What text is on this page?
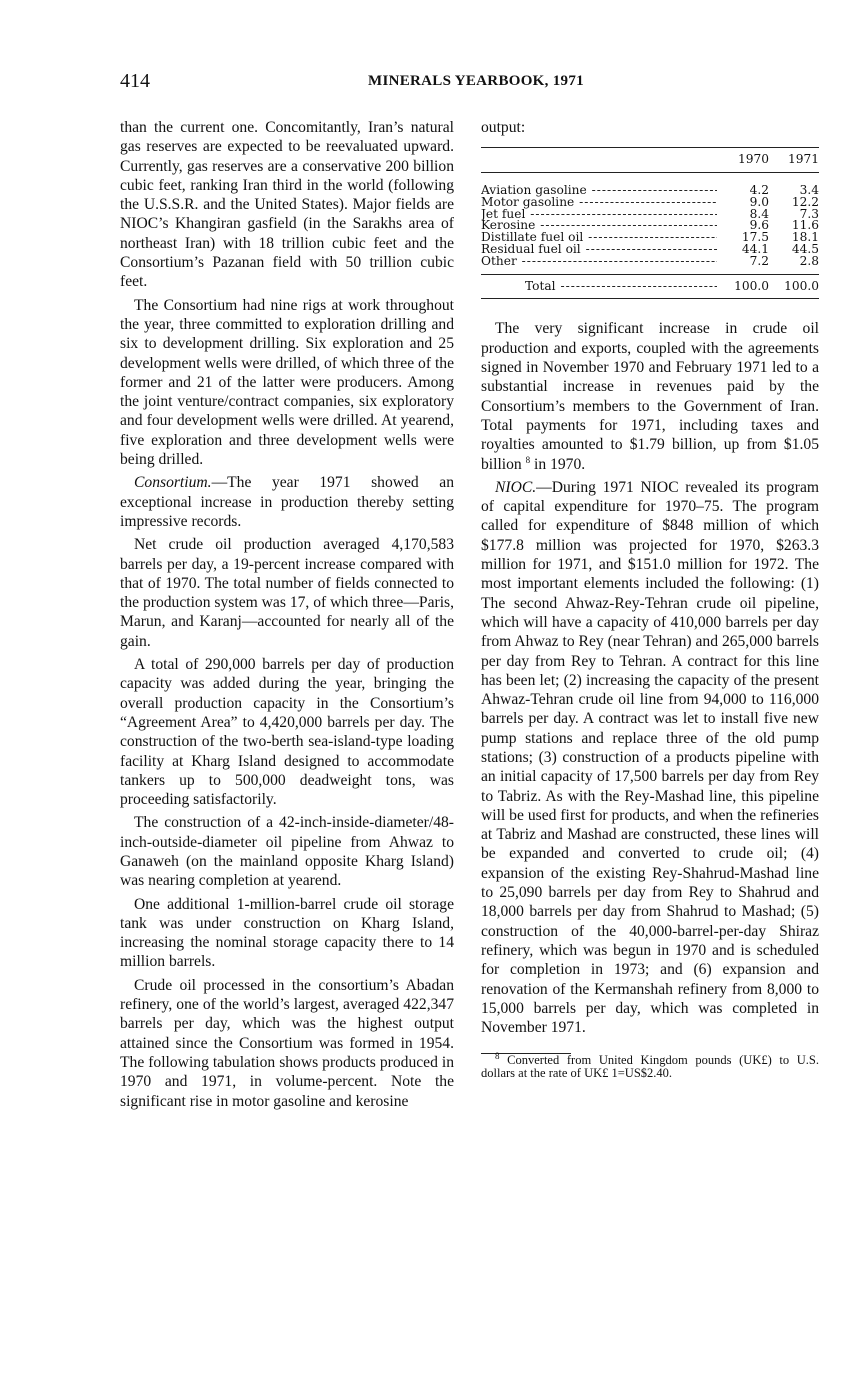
414	MINERALS YEARBOOK, 1971

than the current one. Concomitantly, Iran’s natural gas reserves are expected to be reevaluated upward. Currently, gas reserves are a conservative 200 billion cubic feet, ranking Iran third in the world (following the U.S.S.R. and the United States). Major fields are NIOC’s Khangiran gasfield (in the Sarakhs area of northeast Iran) with 18 trillion cubic feet and the Consortium’s Pazanan field with 50 trillion cubic feet.

The Consortium had nine rigs at work throughout the year, three committed to exploration drilling and six to development drilling. Six exploration and 25 development wells were drilled, of which three of the former and 21 of the latter were producers. Among the joint venture/contract companies, six exploratory and four development wells were drilled. At yearend, five exploration and three development wells were being drilled.

Consortium.—The year 1971 showed an exceptional increase in production thereby setting impressive records.

Net crude oil production averaged 4,170,583 barrels per day, a 19-percent increase compared with that of 1970. The total number of fields connected to the production system was 17, of which three—Paris, Marun, and Karanj—accounted for nearly all of the gain.

A total of 290,000 barrels per day of production capacity was added during the year, bringing the overall production capacity in the Consortium’s “Agreement Area” to 4,420,000 barrels per day. The construction of the two-berth sea-island-type loading facility at Kharg Island designed to accommodate tankers up to 500,000 deadweight tons, was proceeding satisfactorily.

The construction of a 42-inch-inside-diameter/48-inch-outside-diameter oil pipeline from Ahwaz to Ganaweh (on the mainland opposite Kharg Island) was nearing completion at yearend.

One additional 1-million-barrel crude oil storage tank was under construction on Kharg Island, increasing the nominal storage capacity there to 14 million barrels.

Crude oil processed in the consortium’s Abadan refinery, one of the world’s largest, averaged 422,347 barrels per day, which was the highest output attained since the Consortium was formed in 1954. The following tabulation shows products produced in 1970 and 1971, in volume-percent. Note the significant rise in motor gasoline and kerosine

output:

1970	1971
Aviation gasoline -----	4.2	3.4
Motor gasoline -----	9.0	12.2
Jet fuel -----	8.4	7.3
Kerosine -----	9.6	11.6
Distillate fuel oil -----	17.5	18.1
Residual fuel oil -----	44.1	44.5
Other -----	7.2	2.8
Total -----	100.0	100.0

The very significant increase in crude oil production and exports, coupled with the agreements signed in November 1970 and February 1971 led to a substantial increase in revenues paid by the Consortium’s members to the Government of Iran. Total payments for 1971, including taxes and royalties amounted to $1.79 billion, up from $1.05 billion $^8$ in 1970.

NIOC.—During 1971 NIOC revealed its program of capital expenditure for 1970–75. The program called for expenditure of $848 million of which $177.8 million was projected for 1970, $263.3 million for 1971, and $151.0 million for 1972. The most important elements included the following: (1) The second Ahwaz-Rey-Tehran crude oil pipeline, which will have a capacity of 410,000 barrels per day from Ahwaz to Rey (near Tehran) and 265,000 barrels per day from Rey to Tehran. A contract for this line has been let; (2) increasing the capacity of the present Ahwaz-Tehran crude oil line from 94,000 to 116,000 barrels per day. A contract was let to install five new pump stations and replace three of the old pump stations; (3) construction of a products pipeline with an initial capacity of 17,500 barrels per day from Rey to Tabriz. As with the Rey-Mashad line, this pipeline will be used first for products, and when the refineries at Tabriz and Mashad are constructed, these lines will be expanded and converted to crude oil; (4) expansion of the existing Rey-Shahrud-Mashad line to 25,090 barrels per day from Rey to Shahrud and 18,000 barrels per day from Shahrud to Mashad; (5) construction of the 40,000-barrel-per-day Shiraz refinery, which was begun in 1970 and is scheduled for completion in 1973; and (6) expansion and renovation of the Kermanshah refinery from 8,000 to 15,000 barrels per day, which was completed in November 1971.

$^8$ Converted from United Kingdom pounds (UK£) to U.S. dollars at the rate of UK£ 1=US$2.40.
